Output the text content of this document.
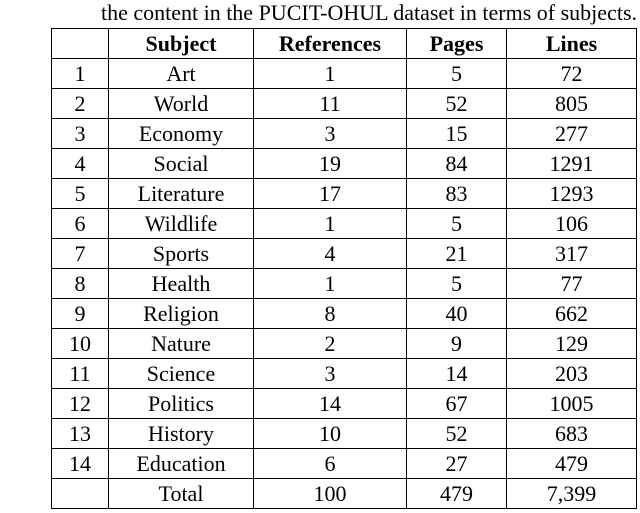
the content in the PUCIT-OHUL dataset in terms of subjects.
	Subject	References	Pages	Lines
1	Art	1	5	72
2	World	11	52	805
3	Economy	3	15	277
4	Social	19	84	1291
5	Literature	17	83	1293
6	Wildlife	1	5	106
7	Sports	4	21	317
8	Health	1	5	77
9	Religion	8	40	662
10	Nature	2	9	129
11	Science	3	14	203
12	Politics	14	67	1005
13	History	10	52	683
14	Education	6	27	479
	Total	100	479	7,399
